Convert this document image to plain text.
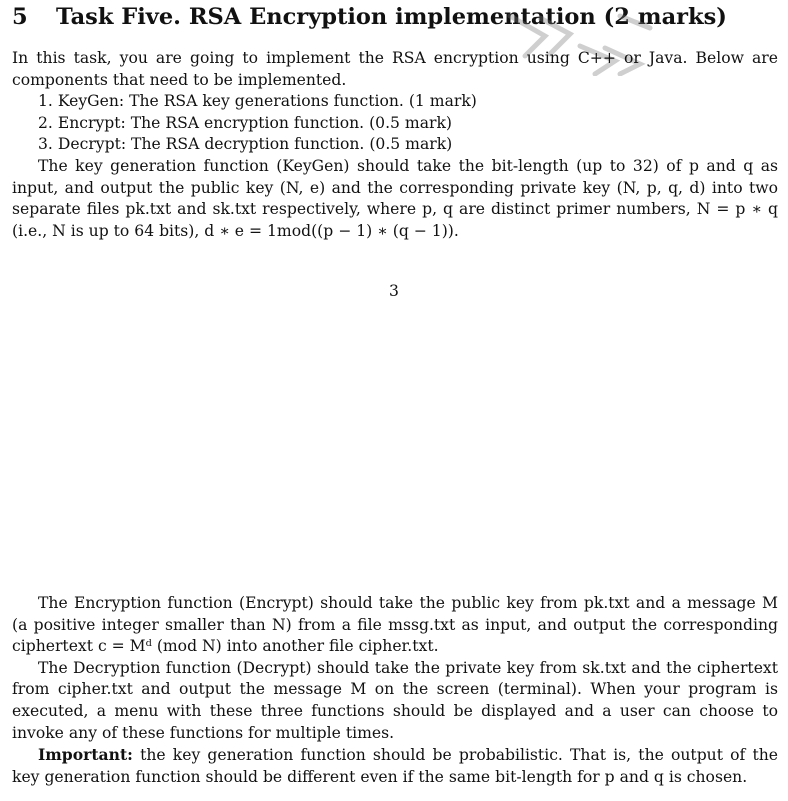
5 Task Five. RSA Encryption implementation (2 marks)

In this task, you are going to implement the RSA encryption using C++ or Java. Below are components that need to be implemented.

1. KeyGen: The RSA key generations function. (1 mark)
2. Encrypt: The RSA encryption function. (0.5 mark)
3. Decrypt: The RSA decryption function. (0.5 mark)

The key generation function (KeyGen) should take the bit-length (up to 32) of p and q as input, and output the public key (N, e) and the corresponding private key (N, p, q, d) into two separate files pk.txt and sk.txt respectively, where p, q are distinct primer numbers, N = p ∗ q (i.e., N is up to 64 bits), d ∗ e = 1mod((p − 1) ∗ (q − 1)).

3

The Encryption function (Encrypt) should take the public key from pk.txt and a message M (a positive integer smaller than N) from a file mssg.txt as input, and output the corresponding ciphertext c = Mᵈ (mod N) into another file cipher.txt.

The Decryption function (Decrypt) should take the private key from sk.txt and the ciphertext from cipher.txt and output the message M on the screen (terminal). When your program is executed, a menu with these three functions should be displayed and a user can choose to invoke any of these functions for multiple times.

Important: the key generation function should be probabilistic. That is, the output of the key generation function should be different even if the same bit-length for p and q is chosen.
